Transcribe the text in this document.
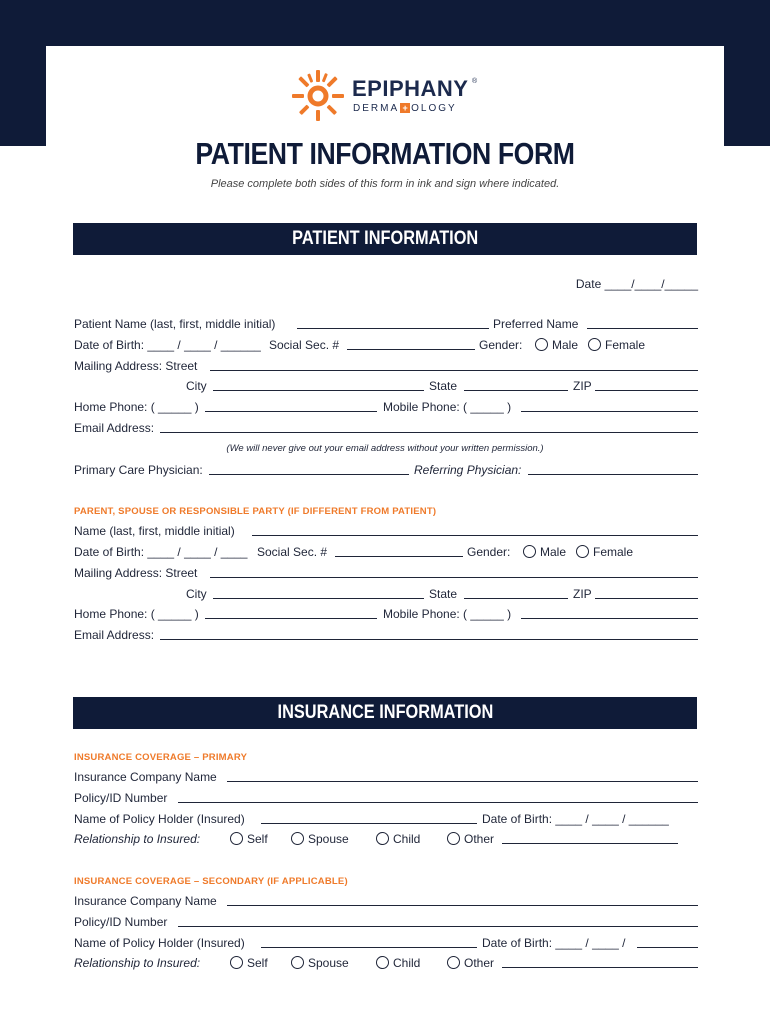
EPIPHANY ®
DERMA + OLOGY
PATIENT INFORMATION FORM
Please complete both sides of this form in ink and sign where indicated.
PATIENT INFORMATION
Date ____/____/_____
Patient Name (last, first, middle initial)	Preferred Name
Date of Birth: ____ / ____ / ______ Social Sec. #	Gender:	Male	Female
Mailing Address: Street
City	State	ZIP
Home Phone: ( _____ )	Mobile Phone: ( _____ )
Email Address:
(We will never give out your email address without your written permission.)
Primary Care Physician:	Referring Physician:
PARENT, SPOUSE OR RESPONSIBLE PARTY (IF DIFFERENT FROM PATIENT)
Name (last, first, middle initial)
Date of Birth: ____ / ____ / ____ Social Sec. #	Gender:	Male	Female
Mailing Address: Street
City	State	ZIP
Home Phone: ( _____ )	Mobile Phone: ( _____ )
Email Address:
INSURANCE INFORMATION
INSURANCE COVERAGE – PRIMARY
Insurance Company Name
Policy/ID Number
Name of Policy Holder (Insured)	Date of Birth: ____ / ____ / ______
Relationship to Insured:	Self	Spouse	Child	Other
INSURANCE COVERAGE – SECONDARY (IF APPLICABLE)
Insurance Company Name
Policy/ID Number
Name of Policy Holder (Insured)	Date of Birth: ____ / ____ /
Relationship to Insured:	Self	Spouse	Child	Other
